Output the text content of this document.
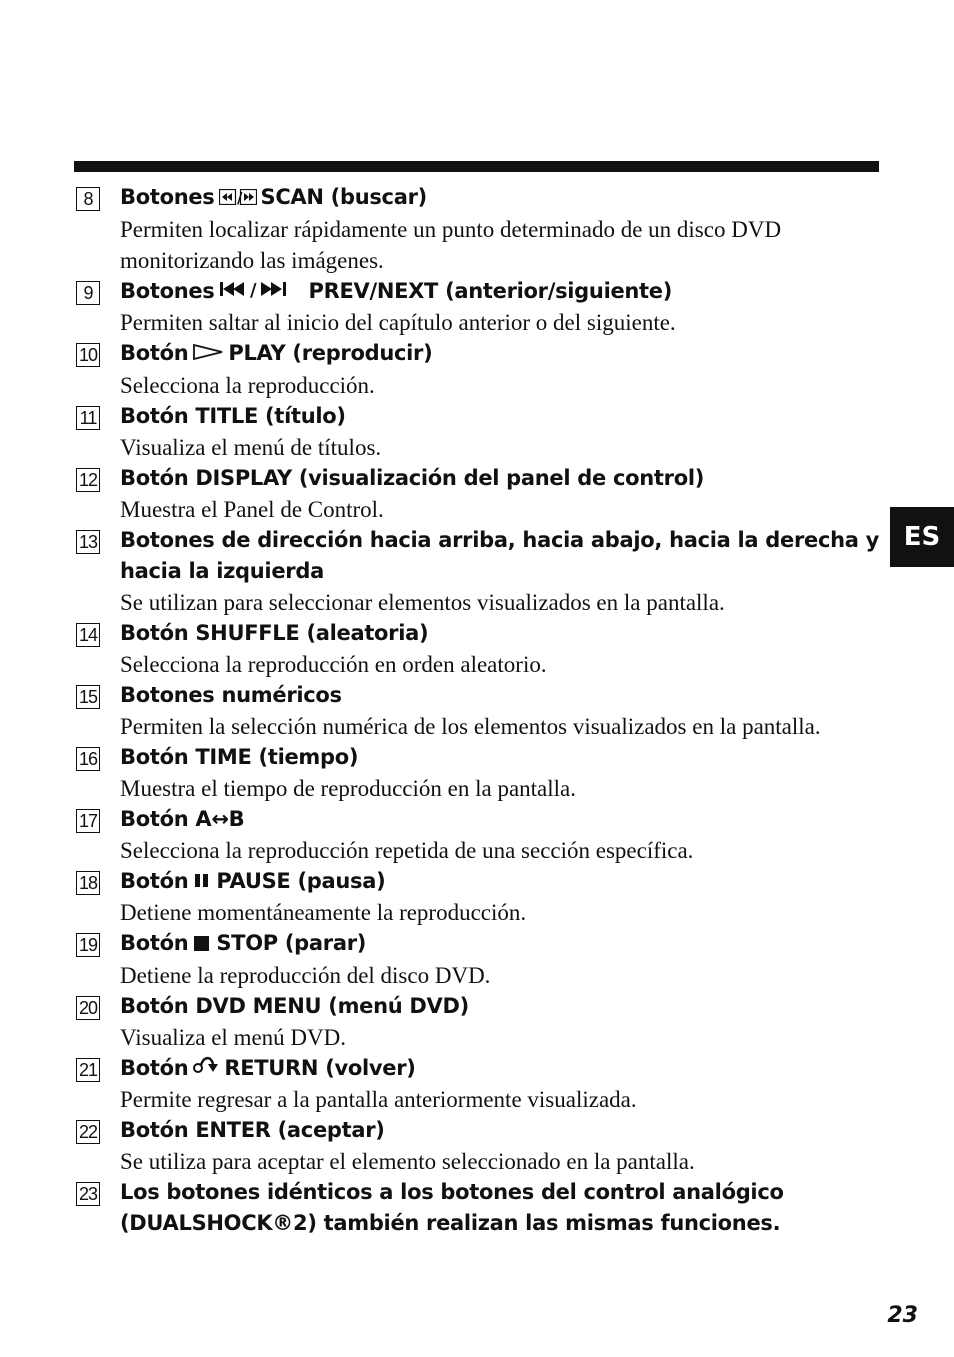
8	Botones / SCAN (buscar)
Permiten localizar rápidamente un punto determinado de un disco DVD monitorizando las imágenes.
9	Botones /	PREV/NEXT (anterior/siguiente)
Permiten saltar al inicio del capítulo anterior o del siguiente.
10 Botón PLAY (reproducir)
Selecciona la reproducción.
11 Botón TITLE (título)
Visualiza el menú de títulos.
12 Botón DISPLAY (visualización del panel de control)
Muestra el Panel de Control.
13 Botones de dirección hacia arriba, hacia abajo, hacia la derecha y hacia la izquierda
Se utilizan para seleccionar elementos visualizados en la pantalla.
14 Botón SHUFFLE (aleatoria)
Selecciona la reproducción en orden aleatorio.
15 Botones numéricos
Permiten la selección numérica de los elementos visualizados en la pantalla.
16 Botón TIME (tiempo)
Muestra el tiempo de reproducción en la pantalla.
17 Botón A↔B
Selecciona la reproducción repetida de una sección específica.
18 Botón PAUSE (pausa)
Detiene momentáneamente la reproducción.
19 Botón STOP (parar)
Detiene la reproducción del disco DVD.
20 Botón DVD MENU (menú DVD)
Visualiza el menú DVD.
21 Botón RETURN (volver)
Permite regresar a la pantalla anteriormente visualizada.
22 Botón ENTER (aceptar)
Se utiliza para aceptar el elemento seleccionado en la pantalla.
23 Los botones idénticos a los botones del control analógico (DUALSHOCK®2) también realizan las mismas funciones.
ES
23
